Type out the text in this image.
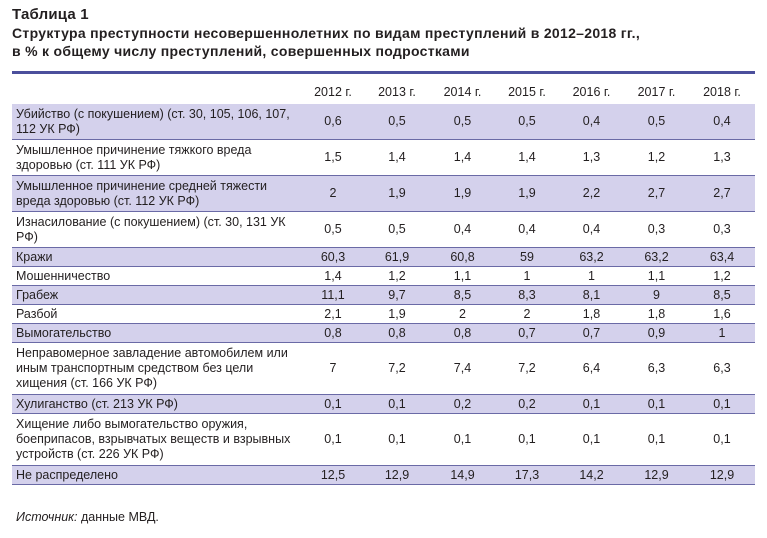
Таблица 1
Структура преступности несовершеннолетних по видам преступлений в 2012–2018 гг.,
в % к общему числу преступлений, совершенных подростками
	2012 г.	2013 г.	2014 г.	2015 г.	2016 г.	2017 г.	2018 г.
Убийство (с покушением) (ст. 30, 105, 106, 107, 112 УК РФ)	0,6	0,5	0,5	0,5	0,4	0,5	0,4
Умышленное причинение тяжкого вреда здоровью (ст. 111 УК РФ)	1,5	1,4	1,4	1,4	1,3	1,2	1,3
Умышленное причинение средней тяжести вреда здоровью (ст. 112 УК РФ)	2	1,9	1,9	1,9	2,2	2,7	2,7
Изнасилование (с покушением) (ст. 30, 131 УК РФ)	0,5	0,5	0,4	0,4	0,4	0,3	0,3
Кражи	60,3	61,9	60,8	59	63,2	63,2	63,4
Мошенничество	1,4	1,2	1,1	1	1	1,1	1,2
Грабеж	11,1	9,7	8,5	8,3	8,1	9	8,5
Разбой	2,1	1,9	2	2	1,8	1,8	1,6
Вымогательство	0,8	0,8	0,8	0,7	0,7	0,9	1
Неправомерное завладение автомобилем или иным транспортным средством без цели хищения (ст. 166 УК РФ)	7	7,2	7,4	7,2	6,4	6,3	6,3
Хулиганство (ст. 213 УК РФ)	0,1	0,1	0,2	0,2	0,1	0,1	0,1
Хищение либо вымогательство оружия, боеприпасов, взрывчатых веществ и взрывных устройств (ст. 226 УК РФ)	0,1	0,1	0,1	0,1	0,1	0,1	0,1
Не распределено	12,5	12,9	14,9	17,3	14,2	12,9	12,9
Источник: данные МВД.
